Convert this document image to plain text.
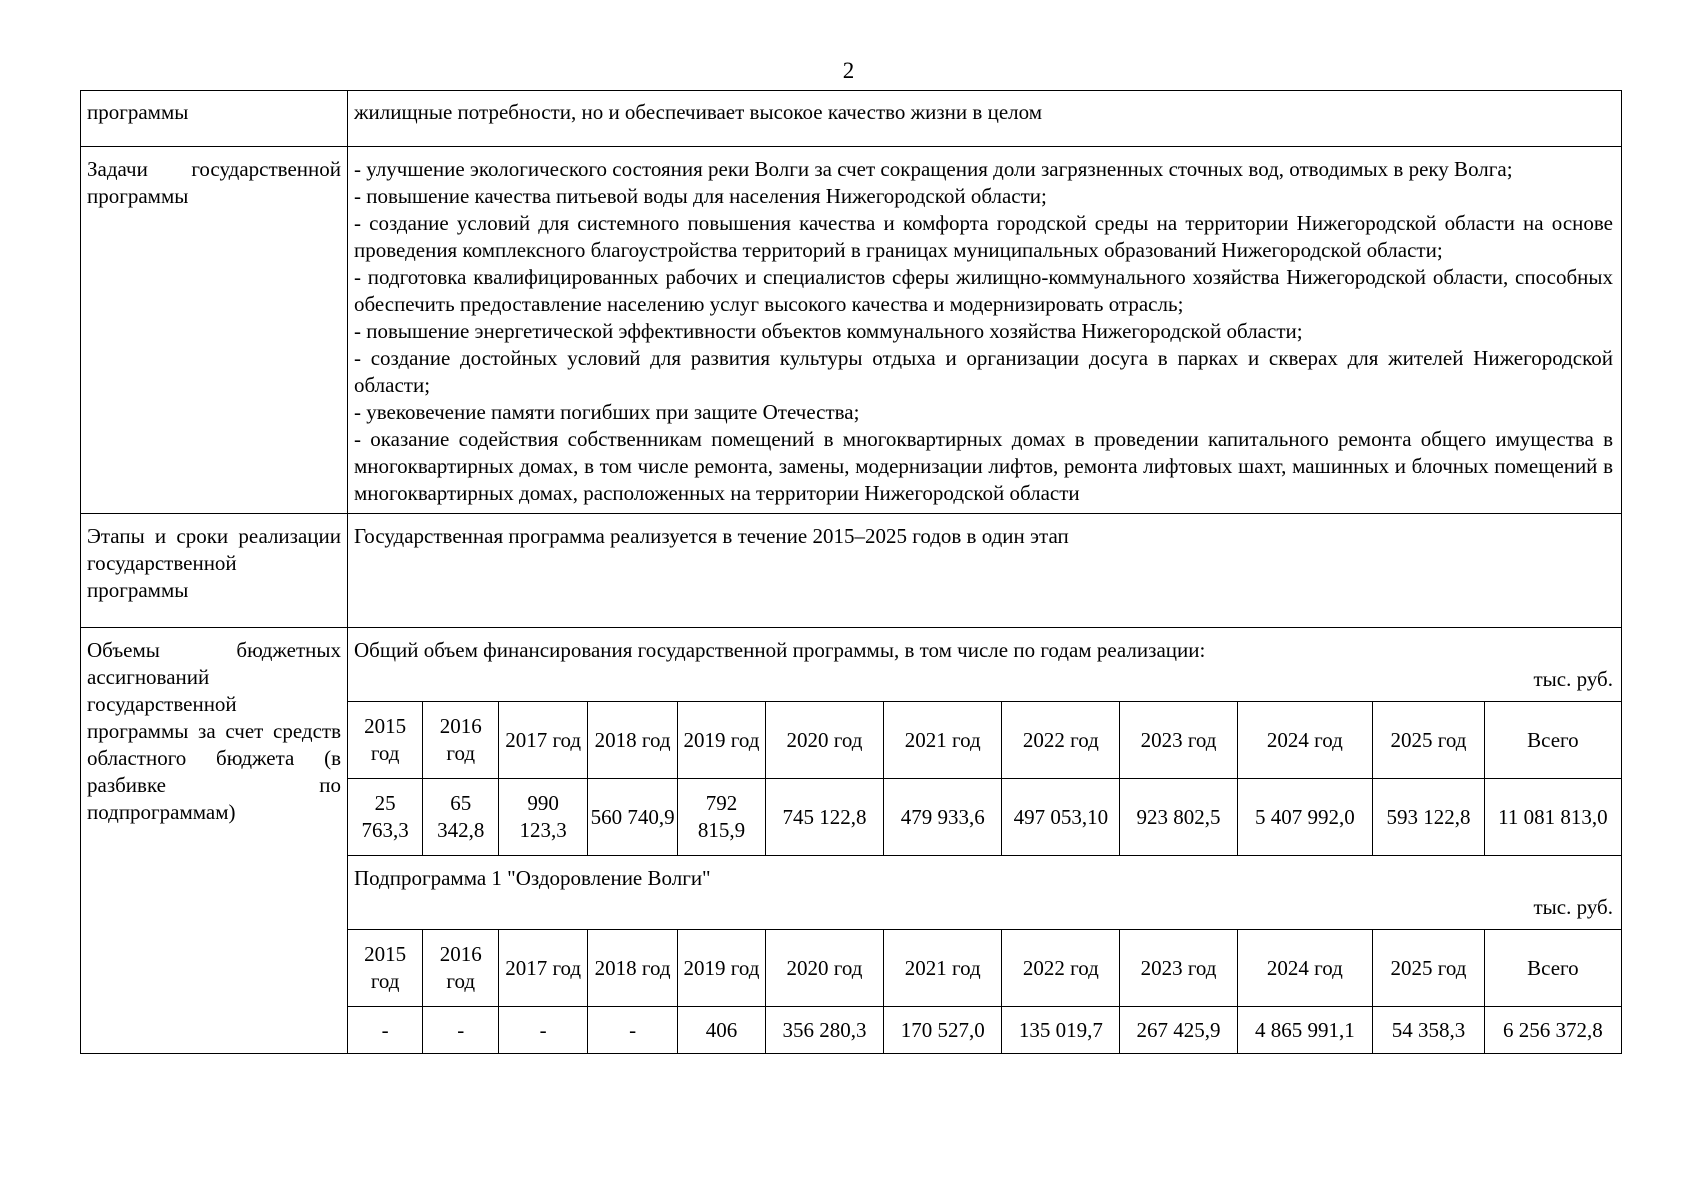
2
программы	жилищные потребности, но и обеспечивает высокое качество жизни в целом
Задачи государственной программы	
- улучшение экологического состояния реки Волги за счет сокращения доли загрязненных сточных вод, отводимых в реку Волга;
- повышение качества питьевой воды для населения Нижегородской области;
- создание условий для системного повышения качества и комфорта городской среды на территории Нижегородской области на основе проведения комплексного благоустройства территорий в границах муниципальных образований Нижегородской области;
- подготовка квалифицированных рабочих и специалистов сферы жилищно-коммунального хозяйства Нижегородской области, способных обеспечить предоставление населению услуг высокого качества и модернизировать отрасль;
- повышение энергетической эффективности объектов коммунального хозяйства Нижегородской области;
- создание достойных условий для развития культуры отдыха и организации досуга в парках и скверах для жителей Нижегородской области;
- увековечение памяти погибших при защите Отечества;
- оказание содействия собственникам помещений в многоквартирных домах в проведении капитального ремонта общего имущества в многоквартирных домах, в том числе ремонта, замены, модернизации лифтов, ремонта лифтовых шахт, машинных и блочных помещений в многоквартирных домах, расположенных на территории Нижегородской области

Этапы и сроки реализации государственной программы	Государственная программа реализуется в течение 2015–2025 годов в один этап
Объемы бюджетных ассигнований государственной программы за счет средств областного бюджета (в разбивке по подпрограммам)	
Общий объем финансирования государственной программы, в том числе по годам реализации:
тыс. руб.
2015 год	2016 год	2017 год	2018 год	2019 год	2020 год	2021 год	2022 год	2023 год	2024 год	2025 год	Всего
25 763,3	65 342,8	990 123,3	560 740,9	792 815,9	745 122,8	479 933,6	497 053,10	923 802,5	5 407 992,0	593 122,8	11 081 813,0
Подпрограмма 1 "Оздоровление Волги"
тыс. руб.
2015 год	2016 год	2017 год	2018 год	2019 год	2020 год	2021 год	2022 год	2023 год	2024 год	2025 год	Всего
-	-	-	-	406	356 280,3	170 527,0	135 019,7	267 425,9	4 865 991,1	54 358,3	6 256 372,8
